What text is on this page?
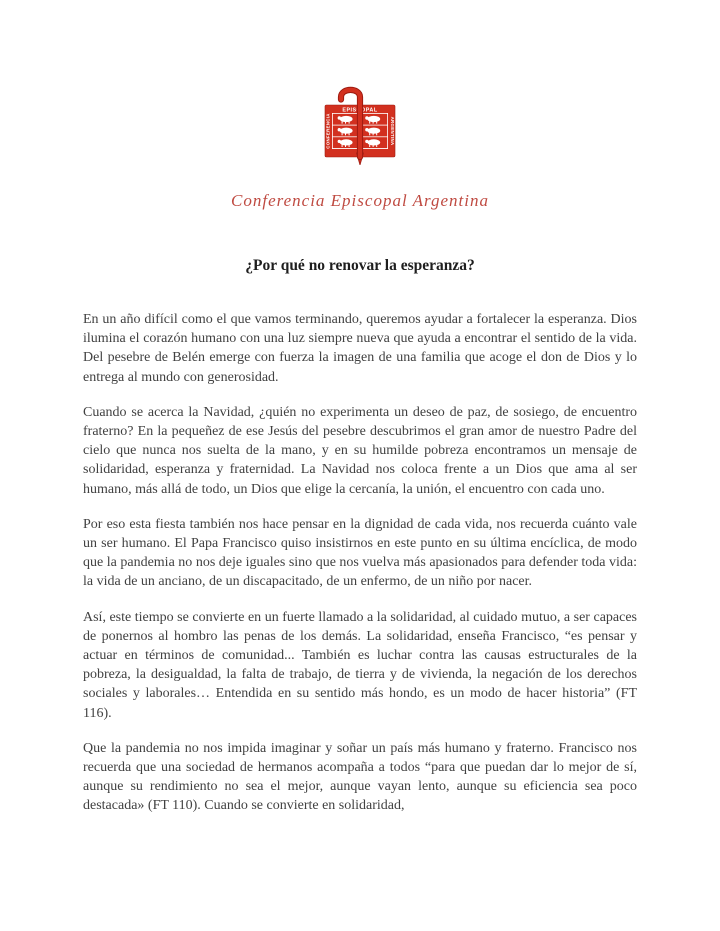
EPISCOPAL
CONFERENCIA	ARGENTINA
Conferencia Episcopal Argentina
¿Por qué no renovar la esperanza?

En un año difícil como el que vamos terminando, queremos ayudar a fortalecer la esperanza. Dios ilumina el corazón humano con una luz siempre nueva que ayuda a encontrar el sentido de la vida. Del pesebre de Belén emerge con fuerza la imagen de una familia que acoge el don de Dios y lo entrega al mundo con generosidad.

Cuando se acerca la Navidad, ¿quién no experimenta un deseo de paz, de sosiego, de encuentro fraterno? En la pequeñez de ese Jesús del pesebre descubrimos el gran amor de nuestro Padre del cielo que nunca nos suelta de la mano, y en su humilde pobreza encontramos un mensaje de solidaridad, esperanza y fraternidad. La Navidad nos coloca frente a un Dios que ama al ser humano, más allá de todo, un Dios que elige la cercanía, la unión, el encuentro con cada uno.

Por eso esta fiesta también nos hace pensar en la dignidad de cada vida, nos recuerda cuánto vale un ser humano. El Papa Francisco quiso insistirnos en este punto en su última encíclica, de modo que la pandemia no nos deje iguales sino que nos vuelva más apasionados para defender toda vida: la vida de un anciano, de un discapacitado, de un enfermo, de un niño por nacer.

Así, este tiempo se convierte en un fuerte llamado a la solidaridad, al cuidado mutuo, a ser capaces de ponernos al hombro las penas de los demás. La solidaridad, enseña Francisco, “es pensar y actuar en términos de comunidad... También es luchar contra las causas estructurales de la pobreza, la desigualdad, la falta de trabajo, de tierra y de vivienda, la negación de los derechos sociales y laborales… Entendida en su sentido más hondo, es un modo de hacer historia” (FT 116).

Que la pandemia no nos impida imaginar y soñar un país más humano y fraterno. Francisco nos recuerda que una sociedad de hermanos acompaña a todos “para que puedan dar lo mejor de sí, aunque su rendimiento no sea el mejor, aunque vayan lento, aunque su eficiencia sea poco destacada» (FT 110). Cuando se convierte en solidaridad,
